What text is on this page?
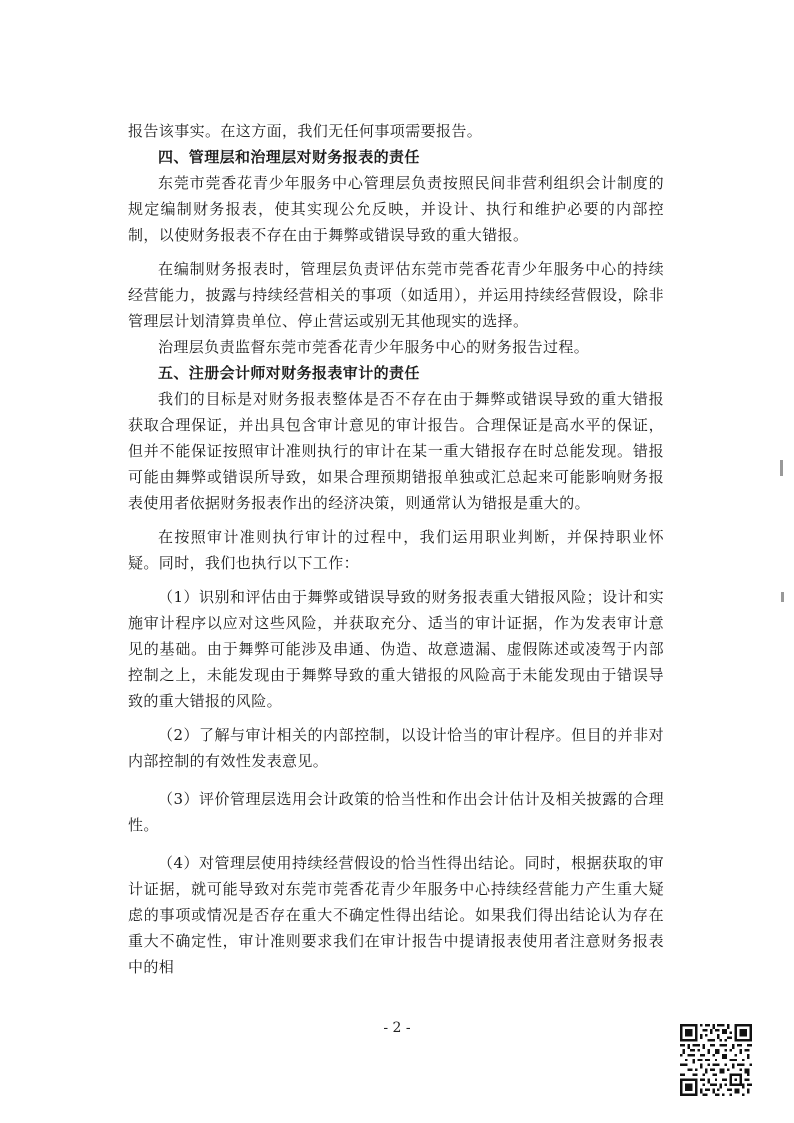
报告该事实。在这方面，我们无任何事项需要报告。

四、管理层和治理层对财务报表的责任

东莞市莞香花青少年服务中心管理层负责按照民间非营利组织会计制度的规定编制财务报表，使其实现公允反映，并设计、执行和维护必要的内部控制，以使财务报表不存在由于舞弊或错误导致的重大错报。

在编制财务报表时，管理层负责评估东莞市莞香花青少年服务中心的持续经营能力，披露与持续经营相关的事项（如适用），并运用持续经营假设，除非管理层计划清算贵单位、停止营运或别无其他现实的选择。

治理层负责监督东莞市莞香花青少年服务中心的财务报告过程。

五、注册会计师对财务报表审计的责任

我们的目标是对财务报表整体是否不存在由于舞弊或错误导致的重大错报获取合理保证，并出具包含审计意见的审计报告。合理保证是高水平的保证，但并不能保证按照审计准则执行的审计在某一重大错报存在时总能发现。错报可能由舞弊或错误所导致，如果合理预期错报单独或汇总起来可能影响财务报表使用者依据财务报表作出的经济决策，则通常认为错报是重大的。

在按照审计准则执行审计的过程中，我们运用职业判断，并保持职业怀疑。同时，我们也执行以下工作：

（1）识别和评估由于舞弊或错误导致的财务报表重大错报风险；设计和实施审计程序以应对这些风险，并获取充分、适当的审计证据，作为发表审计意见的基础。由于舞弊可能涉及串通、伪造、故意遗漏、虚假陈述或凌驾于内部控制之上，未能发现由于舞弊导致的重大错报的风险高于未能发现由于错误导致的重大错报的风险。

（2）了解与审计相关的内部控制，以设计恰当的审计程序。但目的并非对内部控制的有效性发表意见。

（3）评价管理层选用会计政策的恰当性和作出会计估计及相关披露的合理性。

（4）对管理层使用持续经营假设的恰当性得出结论。同时，根据获取的审计证据，就可能导致对东莞市莞香花青少年服务中心持续经营能力产生重大疑虑的事项或情况是否存在重大不确定性得出结论。如果我们得出结论认为存在重大不确定性，审计准则要求我们在审计报告中提请报表使用者注意财务报表中的相

- 2 -
